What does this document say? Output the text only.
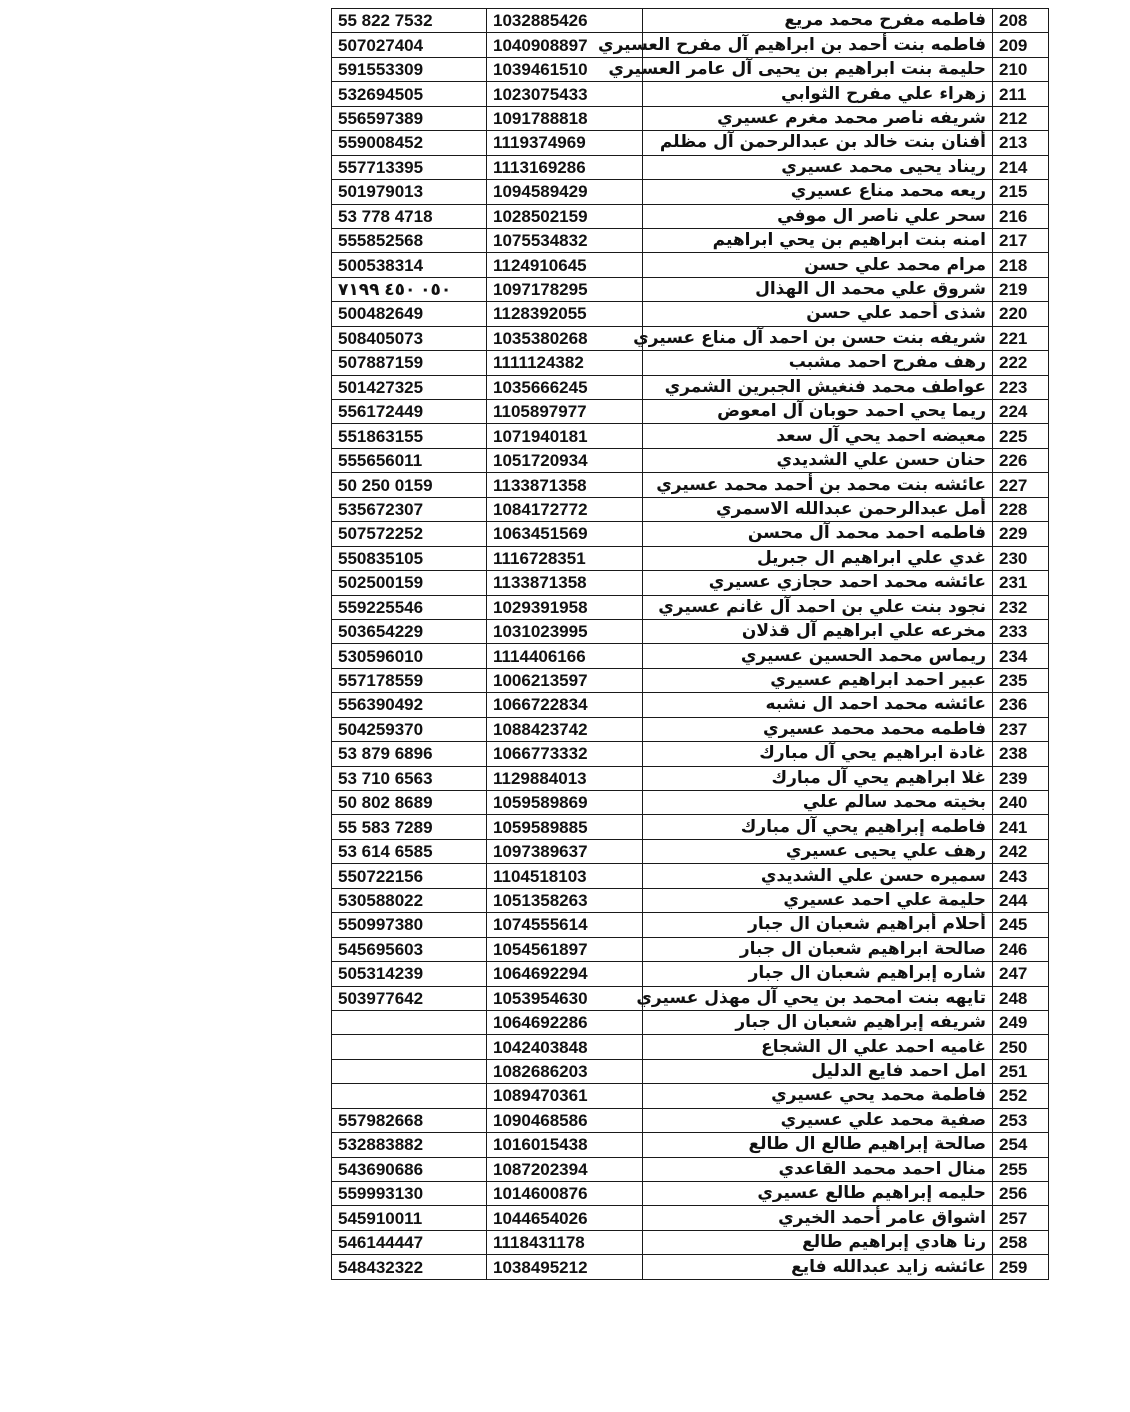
55 822 7532	1032885426	فاطمه مفرح محمد مريع	208
507027404	1040908897	فاطمه بنت أحمد بن ابراهيم آل مفرح العسيري	209
591553309	1039461510	حليمة بنت ابراهيم بن يحيى آل عامر العسيري	210
532694505	1023075433	زهراء علي مفرح الثوابي	211
556597389	1091788818	شريفه ناصر محمد مغرم عسيري	212
559008452	1119374969	أفنان بنت خالد بن عبدالرحمن آل مظلم	213
557713395	1113169286	ريناد يحيى محمد عسيري	214
501979013	1094589429	ريعه محمد مناع عسيري	215
53 778 4718	1028502159	سحر علي ناصر ال موفي	216
555852568	1075534832	امنه بنت ابراهيم بن يحي ابراهيم	217
500538314	1124910645	مرام محمد علي حسن	218
٠٥٠ ٤٥٠ ٧١٩٩	1097178295	شروق علي محمد ال الهذال	219
500482649	1128392055	شذى أحمد علي حسن	220
508405073	1035380268	شريفه بنت حسن بن احمد آل مناع عسيري	221
507887159	1111124382	رهف مفرح احمد مشبب	222
501427325	1035666245	عواطف محمد فنغيش الجبرين الشمري	223
556172449	1105897977	ريما يحي احمد حوبان آل امعوض	224
551863155	1071940181	معيضه احمد يحي آل سعد	225
555656011	1051720934	حنان حسن علي الشديدي	226
50 250 0159	1133871358	عائشه بنت محمد بن أحمد محمد عسيري	227
535672307	1084172772	أمل عبدالرحمن عبدالله الاسمري	228
507572252	1063451569	فاطمه احمد محمد آل محسن	229
550835105	1116728351	غدي علي ابراهيم ال جبريل	230
502500159	1133871358	عائشه محمد احمد حجازي عسيري	231
559225546	1029391958	نجود بنت علي بن احمد آل غانم عسيري	232
503654229	1031023995	مخرعه علي ابراهيم آل قذلان	233
530596010	1114406166	ريماس محمد الحسين عسيري	234
557178559	1006213597	عبير احمد ابراهيم عسيري	235
556390492	1066722834	عائشه محمد احمد ال نشبه	236
504259370	1088423742	فاطمه محمد محمد عسيري	237
53 879 6896	1066773332	غادة ابراهيم يحي آل مبارك	238
53 710 6563	1129884013	غلا ابراهيم يحي آل مبارك	239
50 802 8689	1059589869	بخيته محمد سالم علي	240
55 583 7289	1059589885	فاطمه إبراهيم يحي آل مبارك	241
53 614 6585	1097389637	رهف علي يحيى عسيري	242
550722156	1104518103	سميره حسن علي الشديدي	243
530588022	1051358263	حليمة علي احمد عسيري	244
550997380	1074555614	أحلام أبراهيم شعبان ال جبار	245
545695603	1054561897	صالحة ابراهيم شعبان ال جبار	246
505314239	1064692294	شاره إبراهيم شعبان ال جبار	247
503977642	1053954630	تايهه بنت امحمد بن يحي آل مهذل عسيري	248
	1064692286	شريفه إبراهيم شعبان ال جبار	249
	1042403848	غاميه احمد علي ال الشجاع	250
	1082686203	امل احمد فايع الدليل	251
	1089470361	فاطمة محمد يحي عسيري	252
557982668	1090468586	صفية محمد علي عسيري	253
532883882	1016015438	صالحة إبراهيم طالع ال طالع	254
543690686	1087202394	منال احمد محمد القاعدي	255
559993130	1014600876	حليمه إبراهيم طالع عسيري	256
545910011	1044654026	اشواق عامر أحمد الخيري	257
546144447	1118431178	رنا هادي إبراهيم طالع	258
548432322	1038495212	عائشه زايد عبدالله فايع	259
